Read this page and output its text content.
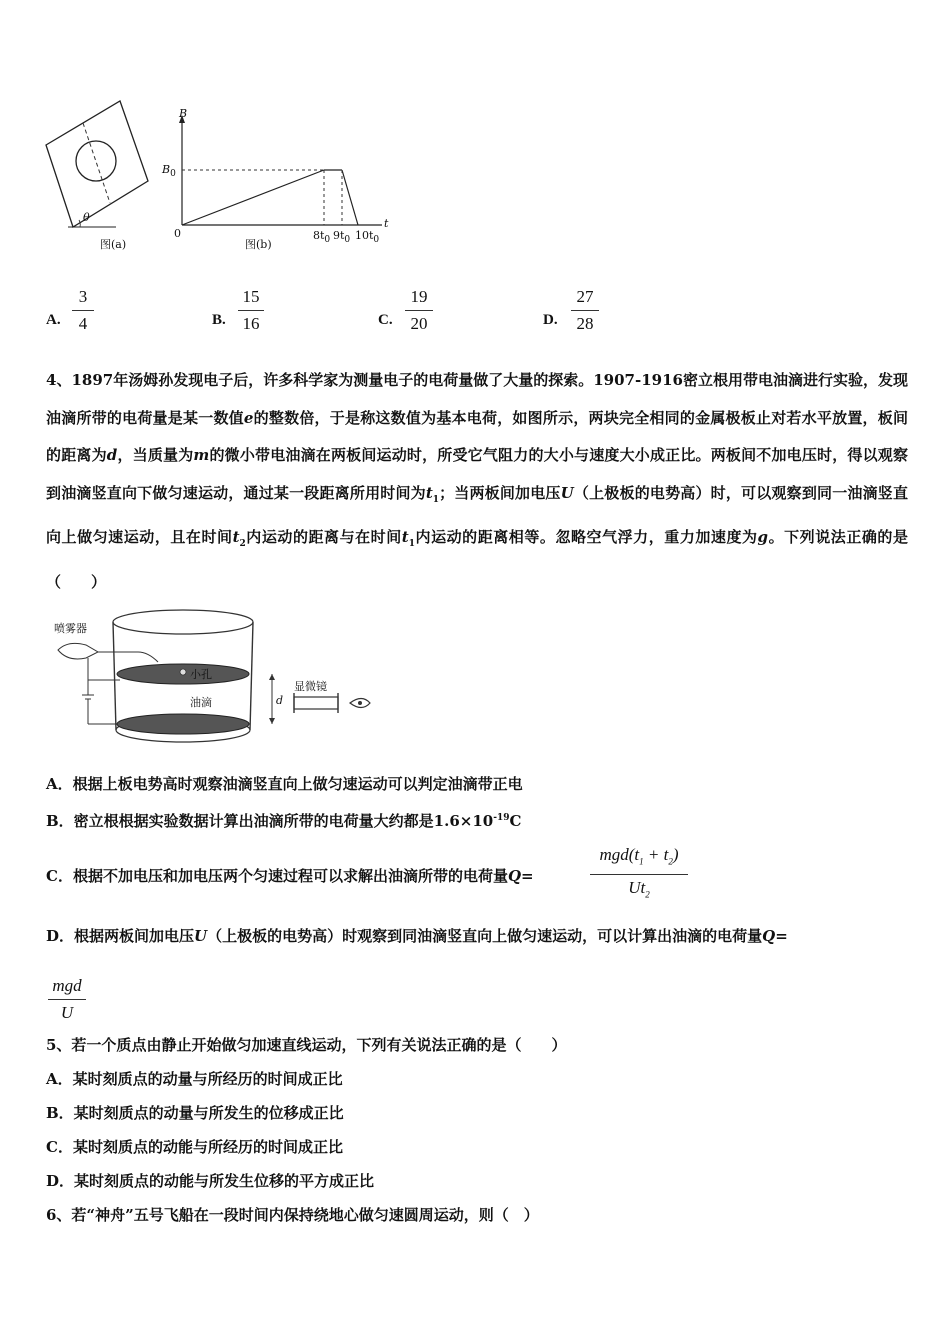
θ
图(a)
B
t
$B_0$
0	$8t_0$ $9t_0$ $10t_0$
图(b)
A.
3
4	B.
15
16	C.
19
20	D.
27
28
4、1897年汤姆孙发现电子后，许多科学家为测量电子的电荷量做了大量的探索。1907-1916密立根用带电油滴进行实验，发现油滴所带的电荷量是某一数值e的整数倍，于是称这数值为基本电荷，如图所示，两块完全相同的金属极板止对若水平放置，板间的距离为d，当质量为m的微小带电油滴在两板间运动时，所受它气阻力的大小与速度大小成正比。两板间不加电压时，得以观察到油滴竖直向下做匀速运动，通过某一段距离所用时间为$t_1$；当两板间加电压U（上极板的电势高）时，可以观察到同一油滴竖直向上做匀速运动，且在时间$t_2$内运动的距离与在时间$t_1$内运动的距离相等。忽略空气浮力，重力加速度为g。下列说法正确的是（　　）
喷雾器
小孔
油滴
显微镜
d
A．根据上板电势高时观察油滴竖直向上做匀速运动可以判定油滴带正电
B．密立根根据实验数据计算出油滴所带的电荷量大约都是$1.6\times 10^{-19}C$
C．根据不加电压和加电压两个匀速过程可以求解出油滴所带的电荷量Q=
$mgd(t_1 + t_2)$
$Ut_2$
D．根据两板间加电压U（上极板的电势高）时观察到同油滴竖直向上做匀速运动，可以计算出油滴的电荷量Q=
mgd
U
5、若一个质点由静止开始做匀加速直线运动，下列有关说法正确的是（　　）
A．某时刻质点的动量与所经历的时间成正比
B．某时刻质点的动量与所发生的位移成正比
C．某时刻质点的动能与所经历的时间成正比
D．某时刻质点的动能与所发生位移的平方成正比
6、若“神舟”五号飞船在一段时间内保持绕地心做匀速圆周运动，则（　）
